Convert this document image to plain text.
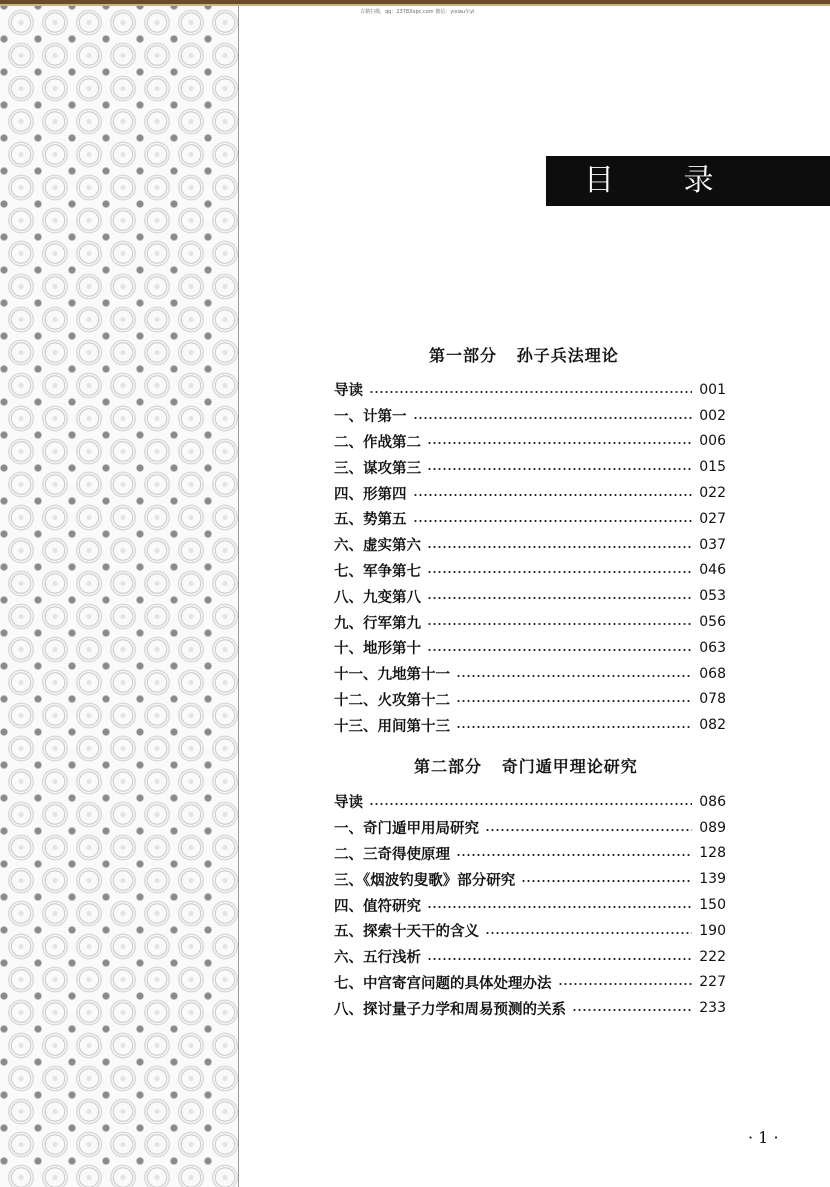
古籍扫描，qq：2378Xxpc.com 微信：yixiau尔yi
目 录
第一部分   孙子兵法理论
导读	001
一、计第一	002
二、作战第二	006
三、谋攻第三	015
四、形第四	022
五、势第五	027
六、虚实第六	037
七、军争第七	046
八、九变第八	053
九、行军第九	056
十、地形第十	063
十一、九地第十一	068
十二、火攻第十二	078
十三、用间第十三	082
第二部分   奇门遁甲理论研究
导读	086
一、奇门遁甲用局研究	089
二、三奇得使原理	128
三、《烟波钓叟歌》部分研究	139
四、值符研究	150
五、探索十天干的含义	190
六、五行浅析	222
七、中宫寄宫问题的具体处理办法	227
八、探讨量子力学和周易预测的关系	233
· 1 ·
